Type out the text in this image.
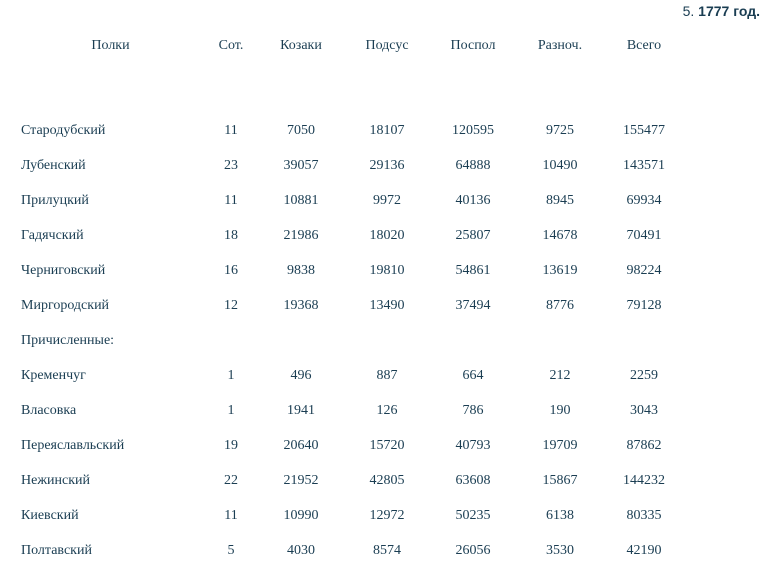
5. 1777 год.
Полки	Сот.	Козаки	Подсус	Поспол	Разноч.	Всего

Стародубский	11	7050	18107	120595	9725	155477
Лубенский	23	39057	29136	64888	10490	143571
Прилуцкий	11	10881	9972	40136	8945	69934
Гадячский	18	21986	18020	25807	14678	70491
Черниговский	16	9838	19810	54861	13619	98224
Миргородский	12	19368	13490	37494	8776	79128
Причисленные:						
Кременчуг	1	496	887	664	212	2259
Власовка	1	1941	126	786	190	3043
Переяславльский	19	20640	15720	40793	19709	87862
Нежинский	22	21952	42805	63608	15867	144232
Киевский	11	10990	12972	50235	6138	80335
Полтавский	5	4030	8574	26056	3530	42190
